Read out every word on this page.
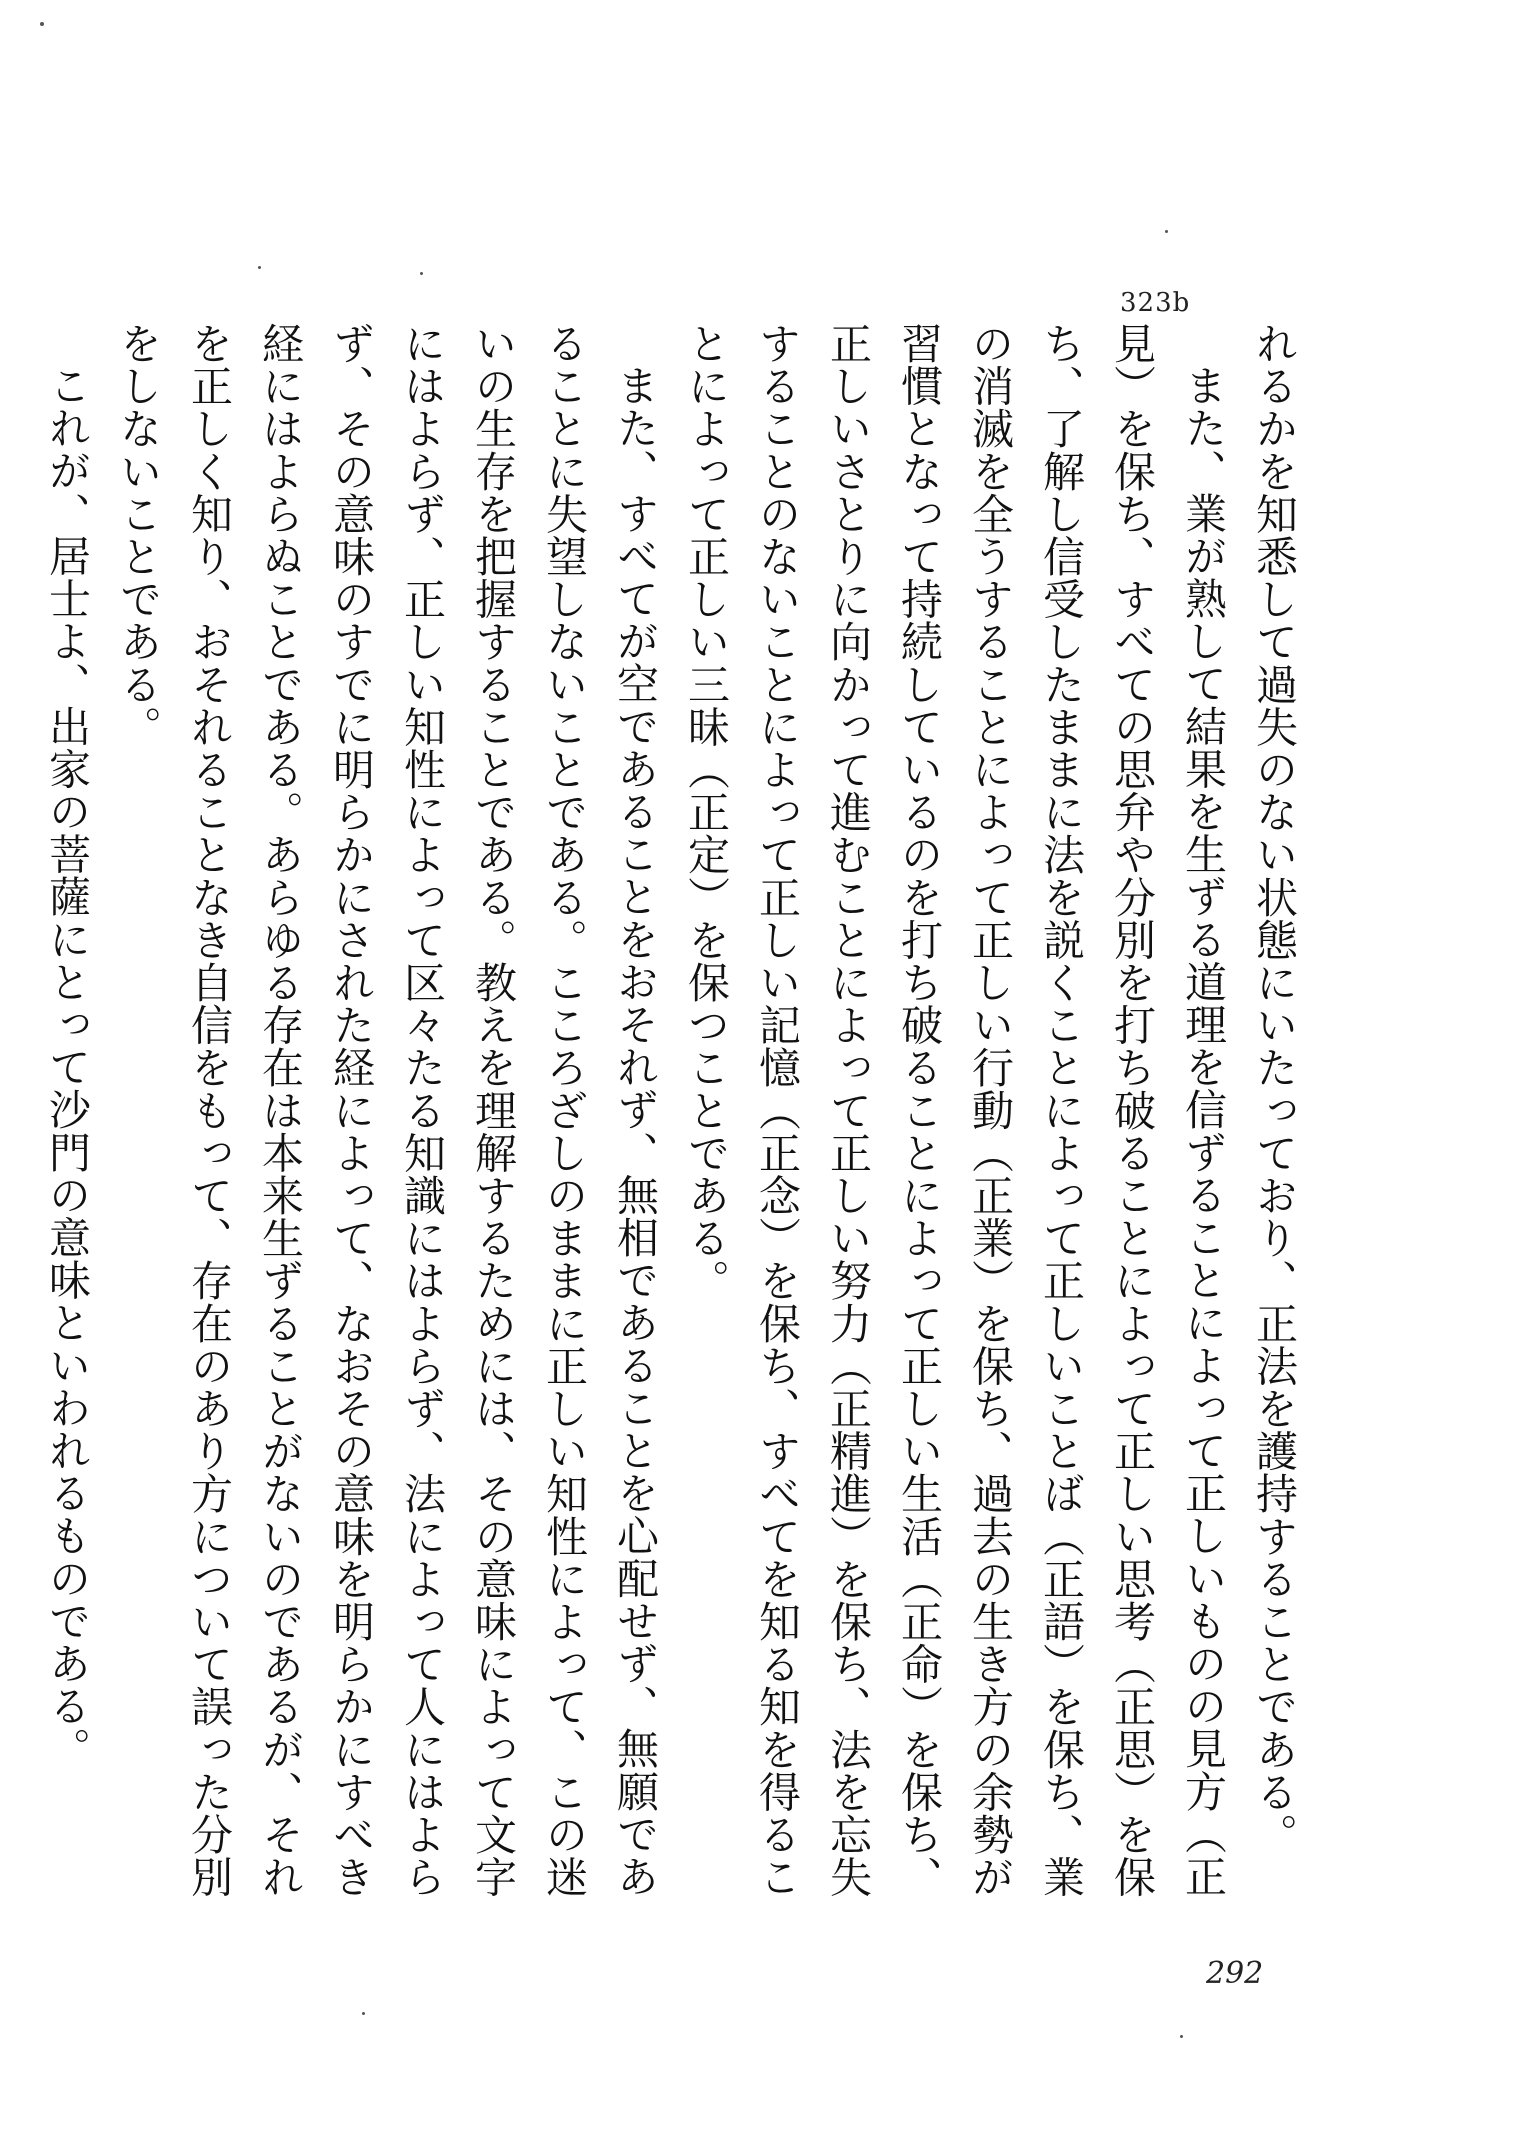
323b

れるかを知悉して過失のない状態にいたっており、正法を護持することである。

また、業が熟して結果を生ずる道理を信ずることによって正しいものの見方（正見）を保ち、すべての思弁や分別を打ち破ることによって正しい思考（正思）を保ち、了解し信受したままに法を説くことによって正しいことば（正語）を保ち、業の消滅を全うすることによって正しい行動（正業）を保ち、過去の生き方の余勢が習慣となって持続しているのを打ち破ることによって正しい生活（正命）を保ち、正しいさとりに向かって進むことによって正しい努力（正精進）を保ち、法を忘失することのないことによって正しい記憶（正念）を保ち、すべてを知る知を得ることによって正しい三昧（正定）を保つことである。

また、すべてが空であることをおそれず、無相であることを心配せず、無願であることに失望しないことである。こころざしのままに正しい知性によって、この迷いの生存を把握することである。教えを理解するためには、その意味によって文字にはよらず、正しい知性によって区々たる知識にはよらず、法によって人にはよらず、その意味のすでに明らかにされた経によって、なおその意味を明らかにすべき経にはよらぬことである。あらゆる存在は本来生ずることがないのであるが、それを正しく知り、おそれることなき自信をもって、存在のあり方について誤った分別をしないことである。

これが、居士よ、出家の菩薩にとって沙門の意味といわれるものである。

292
